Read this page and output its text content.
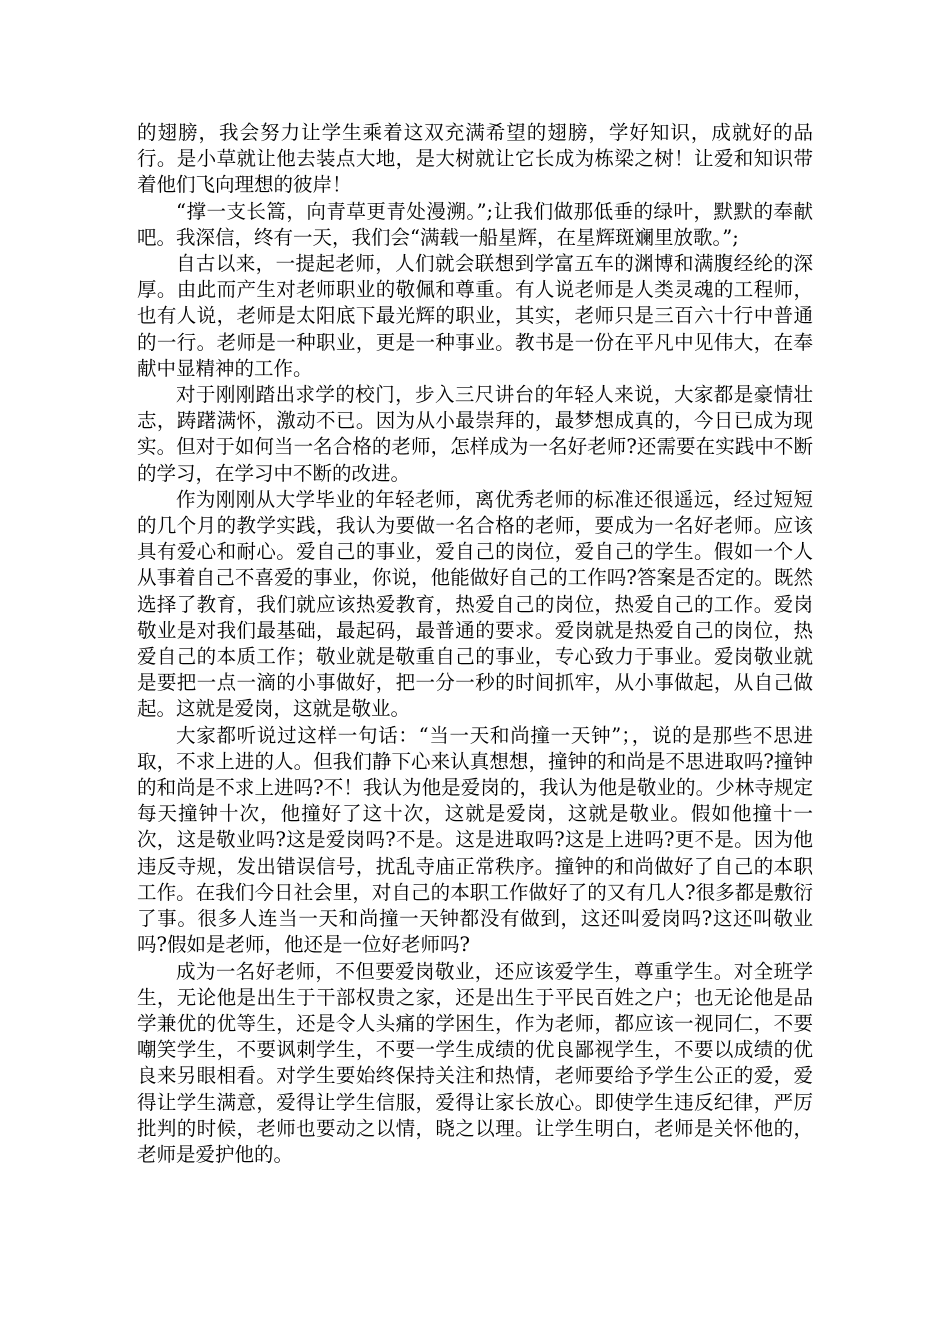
的翅膀，我会努力让学生乘着这双充满希望的翅膀，学好知识，成就好的品行。是小草就让他去装点大地，是大树就让它长成为栋梁之树！让爱和知识带着他们飞向理想的彼岸！

“撑一支长篙，向青草更青处漫溯。”;让我们做那低垂的绿叶，默默的奉献吧。我深信，终有一天，我们会“满载一船星辉，在星辉斑斓里放歌。”;

自古以来，一提起老师，人们就会联想到学富五车的渊博和满腹经纶的深厚。由此而产生对老师职业的敬佩和尊重。有人说老师是人类灵魂的工程师，也有人说，老师是太阳底下最光辉的职业，其实，老师只是三百六十行中普通的一行。老师是一种职业，更是一种事业。教书是一份在平凡中见伟大，在奉献中显精神的工作。

对于刚刚踏出求学的校门，步入三尺讲台的年轻人来说，大家都是豪情壮志，踌躇满怀，激动不已。因为从小最崇拜的，最梦想成真的，今日已成为现实。但对于如何当一名合格的老师，怎样成为一名好老师?还需要在实践中不断的学习，在学习中不断的改进。

作为刚刚从大学毕业的年轻老师，离优秀老师的标准还很遥远，经过短短的几个月的教学实践，我认为要做一名合格的老师，要成为一名好老师。应该具有爱心和耐心。爱自己的事业，爱自己的岗位，爱自己的学生。假如一个人从事着自己不喜爱的事业，你说，他能做好自己的工作吗?答案是否定的。既然选择了教育，我们就应该热爱教育，热爱自己的岗位，热爱自己的工作。爱岗敬业是对我们最基础，最起码，最普通的要求。爱岗就是热爱自己的岗位，热爱自己的本质工作；敬业就是敬重自己的事业，专心致力于事业。爱岗敬业就是要把一点一滴的小事做好，把一分一秒的时间抓牢，从小事做起，从自己做起。这就是爱岗，这就是敬业。

大家都听说过这样一句话：“当一天和尚撞一天钟”；，说的是那些不思进取，不求上进的人。但我们静下心来认真想想，撞钟的和尚是不思进取吗?撞钟的和尚是不求上进吗?不！我认为他是爱岗的，我认为他是敬业的。少林寺规定每天撞钟十次，他撞好了这十次，这就是爱岗，这就是敬业。假如他撞十一次，这是敬业吗?这是爱岗吗?不是。这是进取吗?这是上进吗?更不是。因为他违反寺规，发出错误信号，扰乱寺庙正常秩序。撞钟的和尚做好了自己的本职工作。在我们今日社会里，对自己的本职工作做好了的又有几人?很多都是敷衍了事。很多人连当一天和尚撞一天钟都没有做到，这还叫爱岗吗?这还叫敬业吗?假如是老师，他还是一位好老师吗?

成为一名好老师，不但要爱岗敬业，还应该爱学生，尊重学生。对全班学生，无论他是出生于干部权贵之家，还是出生于平民百姓之户；也无论他是品学兼优的优等生，还是令人头痛的学困生，作为老师，都应该一视同仁，不要嘲笑学生，不要讽刺学生，不要一学生成绩的优良鄙视学生，不要以成绩的优良来另眼相看。对学生要始终保持关注和热情，老师要给予学生公正的爱，爱得让学生满意，爱得让学生信服，爱得让家长放心。即使学生违反纪律，严厉批判的时候，老师也要动之以情，晓之以理。让学生明白，老师是关怀他的，老师是爱护他的。
